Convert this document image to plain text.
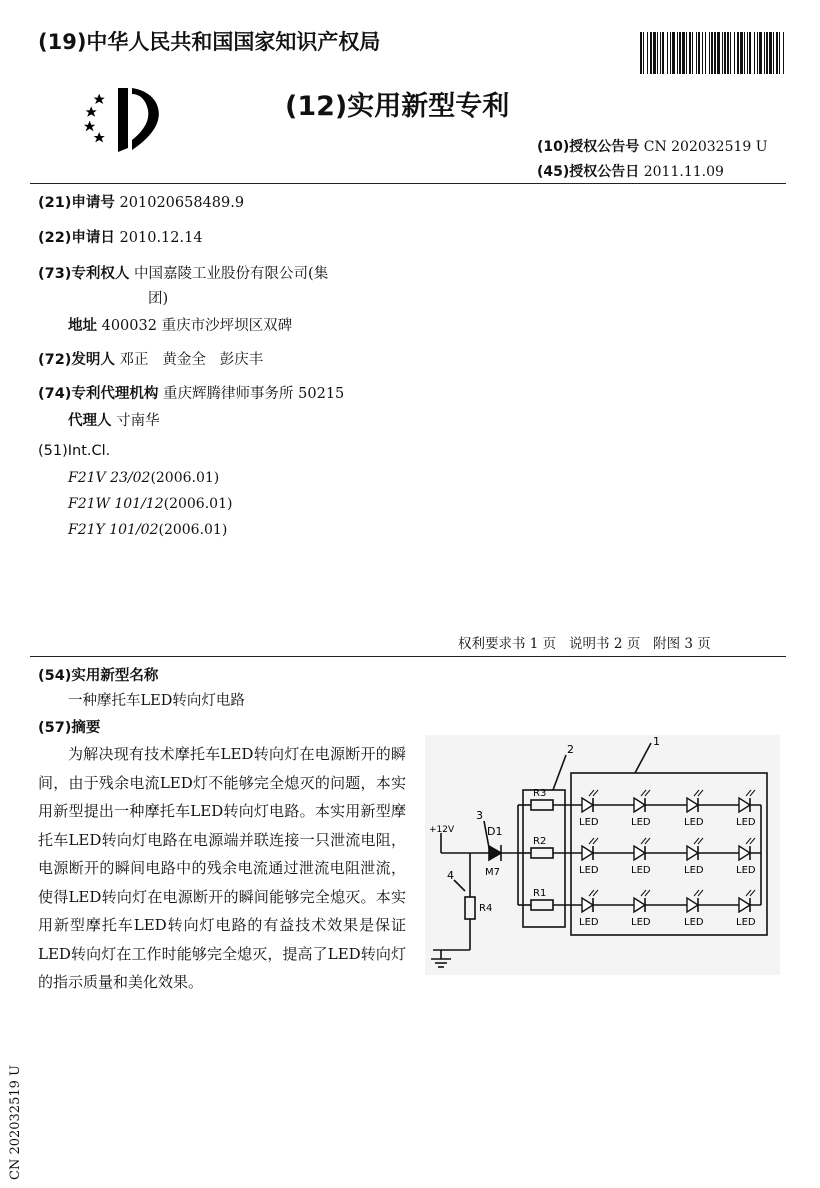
(19)中华人民共和国国家知识产权局
(12)实用新型专利
(10)授权公告号 CN 202032519 U
(45)授权公告日 2011.11.09
(21)申请号 201020658489.9
(22)申请日 2010.12.14
(73)专利权人 中国嘉陵工业股份有限公司(集
团)
地址 400032 重庆市沙坪坝区双碑
(72)发明人 邓正   黄金全   彭庆丰
(74)专利代理机构 重庆辉腾律师事务所 50215
代理人 寸南华
(51)Int.Cl.
F21V 23/02(2006.01)
F21W 101/12(2006.01)
F21Y 101/02(2006.01)
权利要求书 1 页   说明书 2 页   附图 3 页
(54)实用新型名称
一种摩托车LED转向灯电路
(57)摘要
为解决现有技术摩托车LED转向灯在电源断开的瞬间，由于残余电流LED灯不能够完全熄灭的问题，本实用新型提出一种摩托车LED转向灯电路。本实用新型摩托车LED转向灯电路在电源端并联连接一只泄流电阻，电源断开的瞬间电路中的残余电流通过泄流电阻泄流，使得LED转向灯在电源断开的瞬间能够完全熄灭。本实用新型摩托车LED转向灯电路的有益技术效果是保证LED转向灯在工作时能够完全熄灭，提高了LED转向灯的指示质量和美化效果。
R3
LED	LED	LED	LED
R2
LED	LED	LED	LED
R1
LED	LED	LED	LED
2
1
3
4
+12V	D1
M7
R4
CN 202032519 U
